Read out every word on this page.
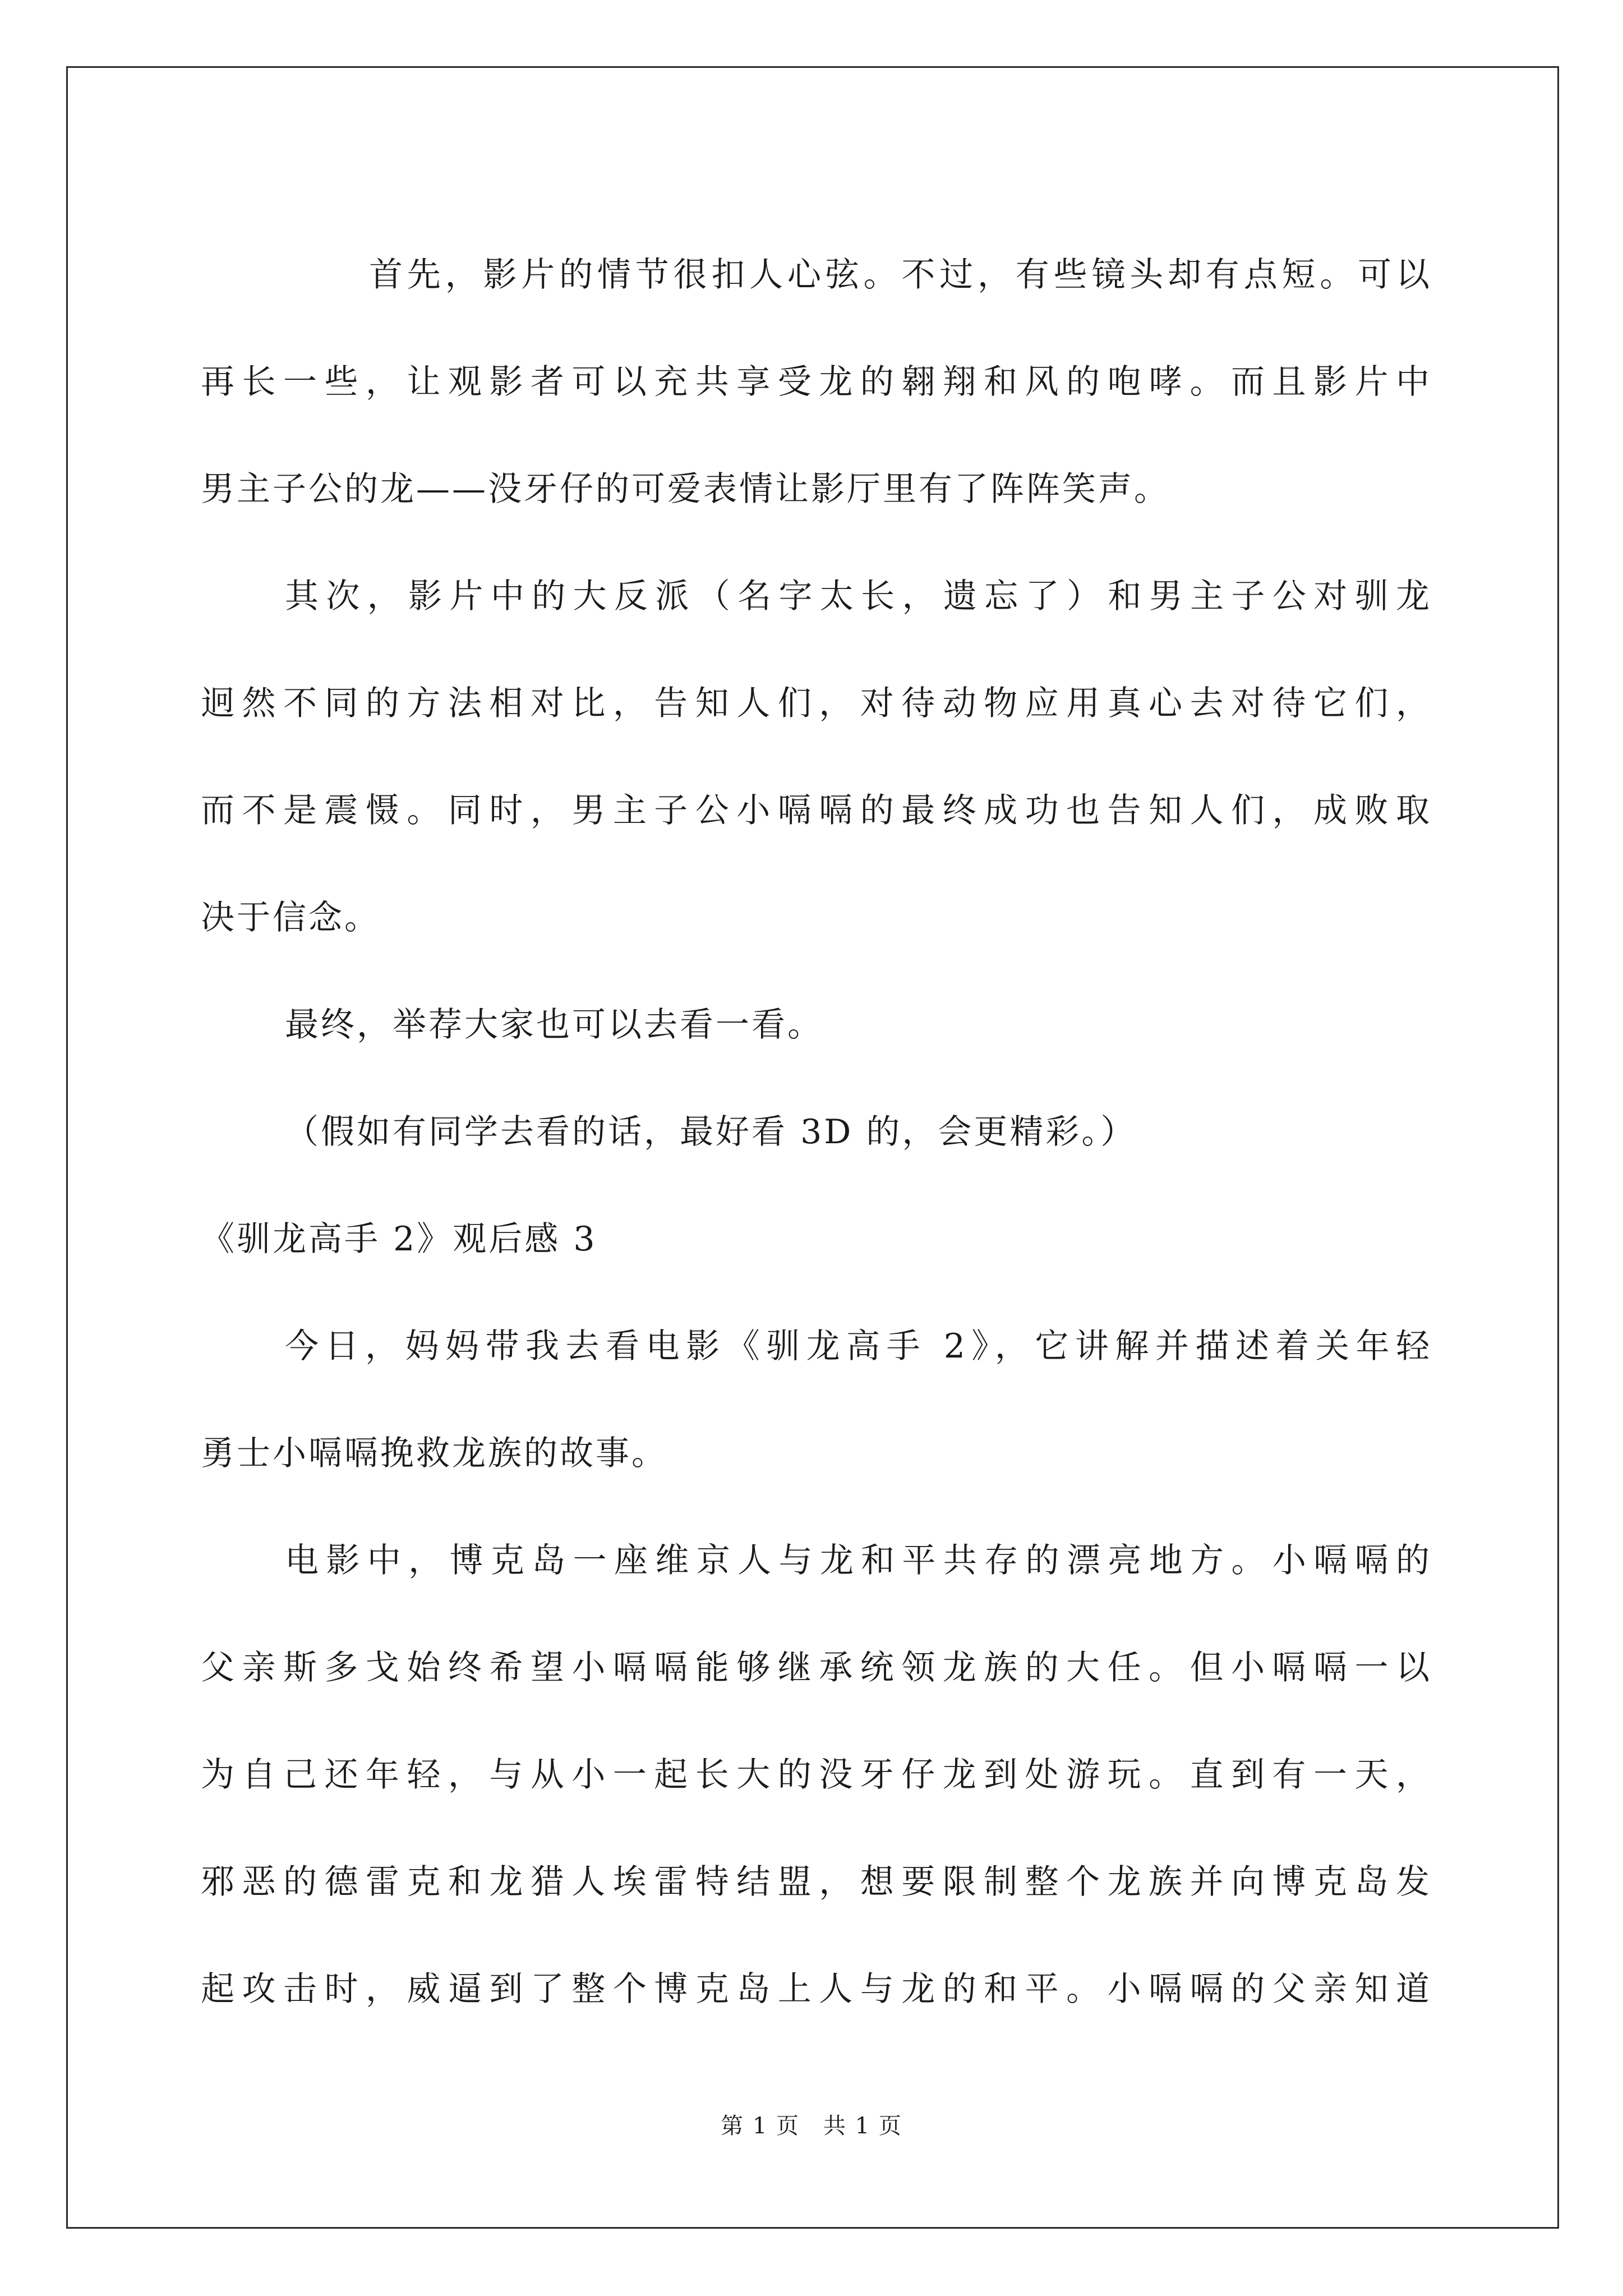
首先，影片的情节很扣人心弦。不过，有些镜头却有点短。可以
再长一些，让观影者可以充共享受龙的翱翔和风的咆哮。而且影片中
男主子公的龙——没牙仔的可爱表情让影厅里有了阵阵笑声。
其次，影片中的大反派（名字太长，遗忘了）和男主子公对驯龙
迥然不同的方法相对比，告知人们，对待动物应用真心去对待它们，
而不是震慑。同时，男主子公小嗝嗝的最终成功也告知人们，成败取
决于信念。
最终，举荐大家也可以去看一看。
（假如有同学去看的话，最好看 3D 的，会更精彩。）
《驯龙高手 2》观后感 3
今日，妈妈带我去看电影《驯龙高手 2》，它讲解并描述着关年轻
勇士小嗝嗝挽救龙族的故事。
电影中，博克岛一座维京人与龙和平共存的漂亮地方。小嗝嗝的
父亲斯多戈始终希望小嗝嗝能够继承统领龙族的大任。但小嗝嗝一以
为自己还年轻，与从小一起长大的没牙仔龙到处游玩。直到有一天，
邪恶的德雷克和龙猎人埃雷特结盟，想要限制整个龙族并向博克岛发
起攻击时，威逼到了整个博克岛上人与龙的和平。小嗝嗝的父亲知道
第 1 页　共 1 页
